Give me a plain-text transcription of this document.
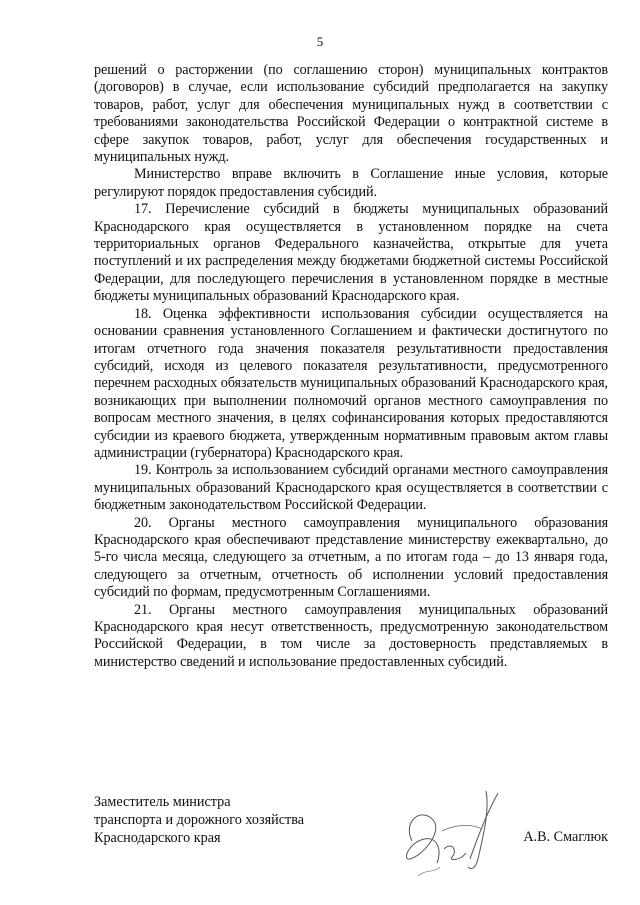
5

решений о расторжении (по соглашению сторон) муниципальных контрактов (договоров) в случае, если использование субсидий предполагается на закупку товаров, работ, услуг для обеспечения муниципальных нужд в соответствии с требованиями законодательства Российской Федерации о контрактной системе в сфере закупок товаров, работ, услуг для обеспечения государственных и муниципальных нужд.

Министерство вправе включить в Соглашение иные условия, которые регулируют порядок предоставления субсидий.

17. Перечисление субсидий в бюджеты муниципальных образований Краснодарского края осуществляется в установленном порядке на счета территориальных органов Федерального казначейства, открытые для учета поступлений и их распределения между бюджетами бюджетной системы Российской Федерации, для последующего перечисления в установленном порядке в местные бюджеты муниципальных образований Краснодарского края.

18. Оценка эффективности использования субсидии осуществляется на основании сравнения установленного Соглашением и фактически достигнутого по итогам отчетного года значения показателя результативности предоставления субсидий, исходя из целевого показателя результативности, предусмотренного перечнем расходных обязательств муниципальных образований Краснодарского края, возникающих при выполнении полномочий органов местного самоуправления по вопросам местного значения, в целях софинансирования которых предоставляются субсидии из краевого бюджета, утвержденным нормативным правовым актом главы администрации (губернатора) Краснодарского края.

19. Контроль за использованием субсидий органами местного самоуправления муниципальных образований Краснодарского края осуществляется в соответствии с бюджетным законодательством Российской Федерации.

20. Органы местного самоуправления муниципального образования Краснодарского края обеспечивают представление министерству ежеквартально, до 5-го числа месяца, следующего за отчетным, а по итогам года – до 13 января года, следующего за отчетным, отчетность об исполнении условий предоставления субсидий по формам, предусмотренным Соглашениями.

21. Органы местного самоуправления муниципальных образований Краснодарского края несут ответственность, предусмотренную законодательством Российской Федерации, в том числе за достоверность представляемых в министерство сведений и использование предоставленных субсидий.

Заместитель министра

транспорта и дорожного хозяйства

Краснодарского края	А.В. Смаглюк
